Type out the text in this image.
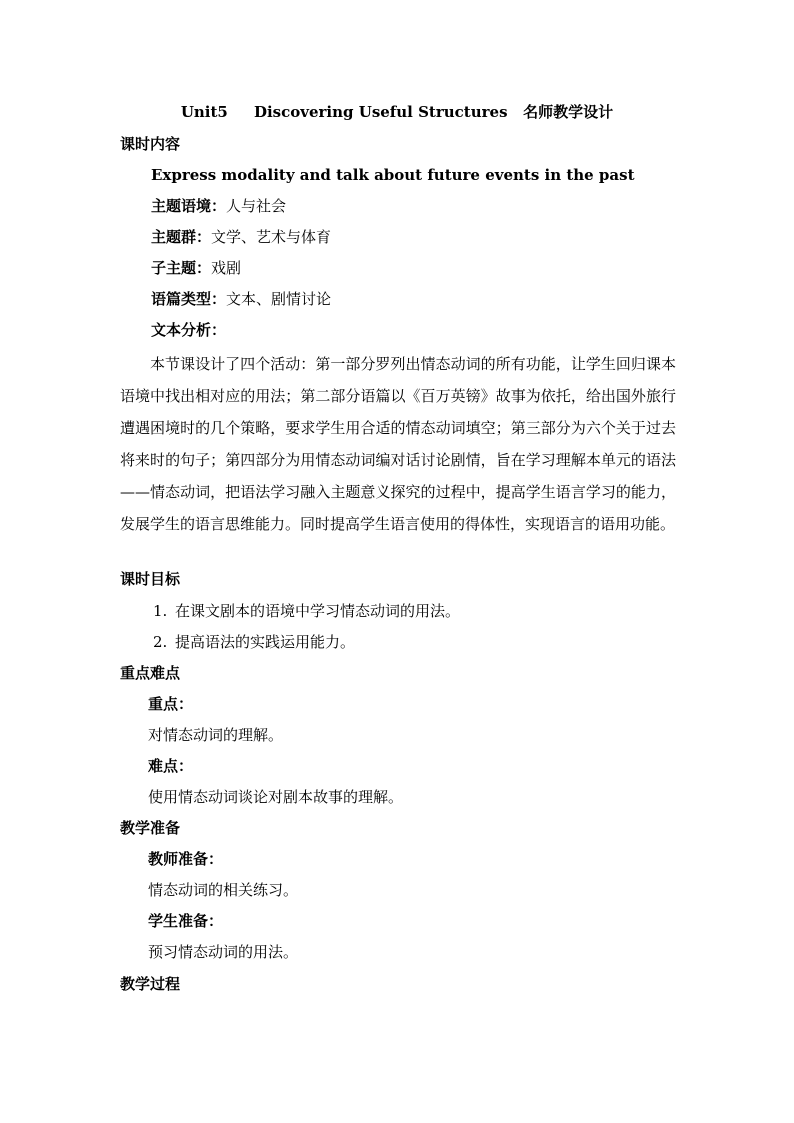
Unit5     Discovering Useful Structures   名师教学设计
课时内容
Express modality and talk about future events in the past
主题语境：人与社会
主题群：文学、艺术与体育
子主题：戏剧
语篇类型：文本、剧情讨论
文本分析：
本节课设计了四个活动：第一部分罗列出情态动词的所有功能，让学生回归课本语境中找出相对应的用法；第二部分语篇以《百万英镑》故事为依托，给出国外旅行遭遇困境时的几个策略，要求学生用合适的情态动词填空；第三部分为六个关于过去将来时的句子；第四部分为用情态动词编对话讨论剧情，旨在学习理解本单元的语法——情态动词，把语法学习融入主题意义探究的过程中，提高学生语言学习的能力，发展学生的语言思维能力。同时提高学生语言使用的得体性，实现语言的语用功能。
课时目标
1. 在课文剧本的语境中学习情态动词的用法。
2. 提高语法的实践运用能力。
重点难点
重点：
对情态动词的理解。
难点：
使用情态动词谈论对剧本故事的理解。
教学准备
教师准备：
情态动词的相关练习。
学生准备：
预习情态动词的用法。
教学过程
